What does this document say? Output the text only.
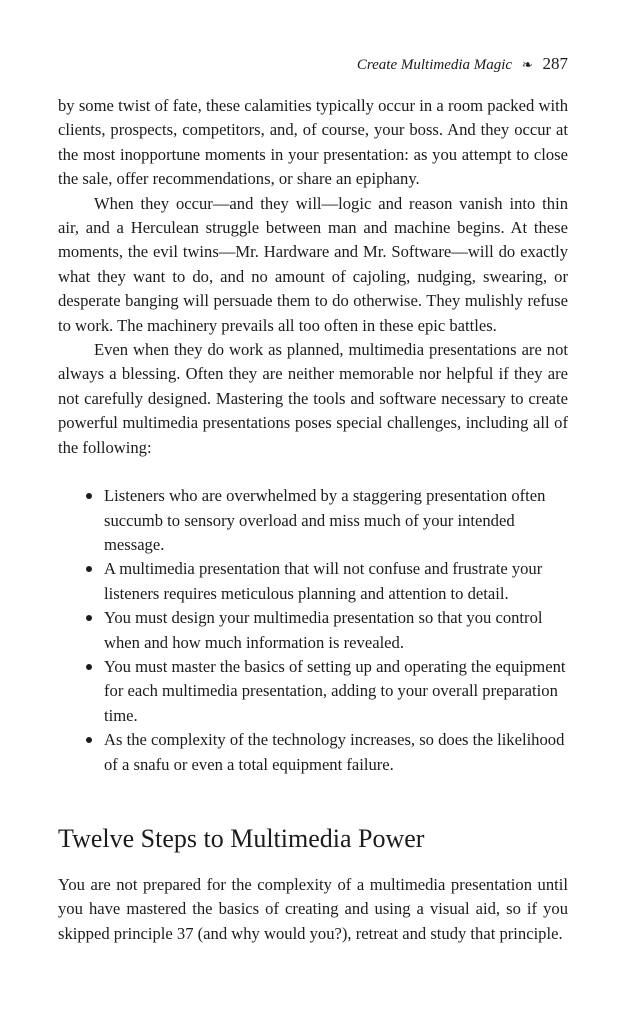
Create Multimedia Magic ❧ 287

by some twist of fate, these calamities typically occur in a room packed with clients, prospects, competitors, and, of course, your boss. And they occur at the most inopportune moments in your presentation: as you attempt to close the sale, offer recommendations, or share an epiphany.

When they occur—and they will—logic and reason vanish into thin air, and a Herculean struggle between man and machine begins. At these moments, the evil twins—Mr. Hardware and Mr. Software—will do exactly what they want to do, and no amount of cajoling, nudging, swearing, or desperate banging will persuade them to do otherwise. They mulishly refuse to work. The machinery prevails all too often in these epic battles.

Even when they do work as planned, multimedia presentations are not always a blessing. Often they are neither memorable nor helpful if they are not carefully designed. Mastering the tools and software necessary to create powerful multimedia presentations poses special challenges, including all of the following:

Listeners who are overwhelmed by a staggering presentation often succumb to sensory overload and miss much of your intended message.
A multimedia presentation that will not confuse and frustrate your listeners requires meticulous planning and attention to detail.
You must design your multimedia presentation so that you control when and how much information is revealed.
You must master the basics of setting up and operating the equipment for each multimedia presentation, adding to your overall preparation time.
As the complexity of the technology increases, so does the likelihood of a snafu or even a total equipment failure.
Twelve Steps to Multimedia Power

You are not prepared for the complexity of a multimedia presentation until you have mastered the basics of creating and using a visual aid, so if you skipped principle 37 (and why would you?), retreat and study that principle.
